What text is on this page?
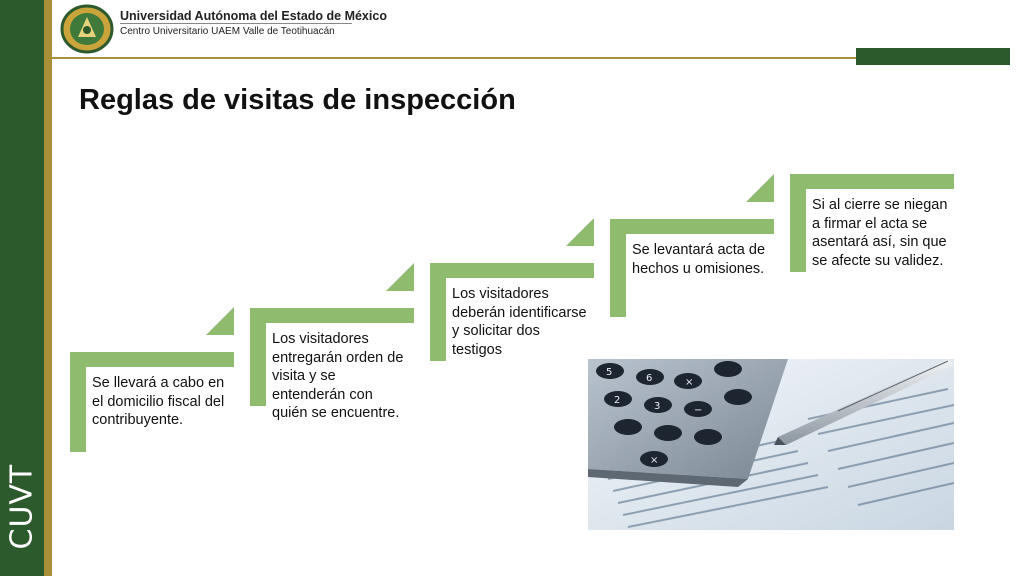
CUVT
Universidad Autónoma del Estado de México
Centro Universitario UAEM Valle de Teotihuacán
Reglas de visitas de inspección
Se llevará a cabo en el domicilio fiscal del contribuyente.
Los visitadores entregarán orden de visita y se entenderán con quién se encuentre.
Los visitadores deberán identificarse y solicitar dos testigos
Se levantará acta de hechos u omisiones.
Si al cierre se niegan a firmar el acta se asentará así, sin que se afecte su validez.
5
6	×
2
3	−
×
